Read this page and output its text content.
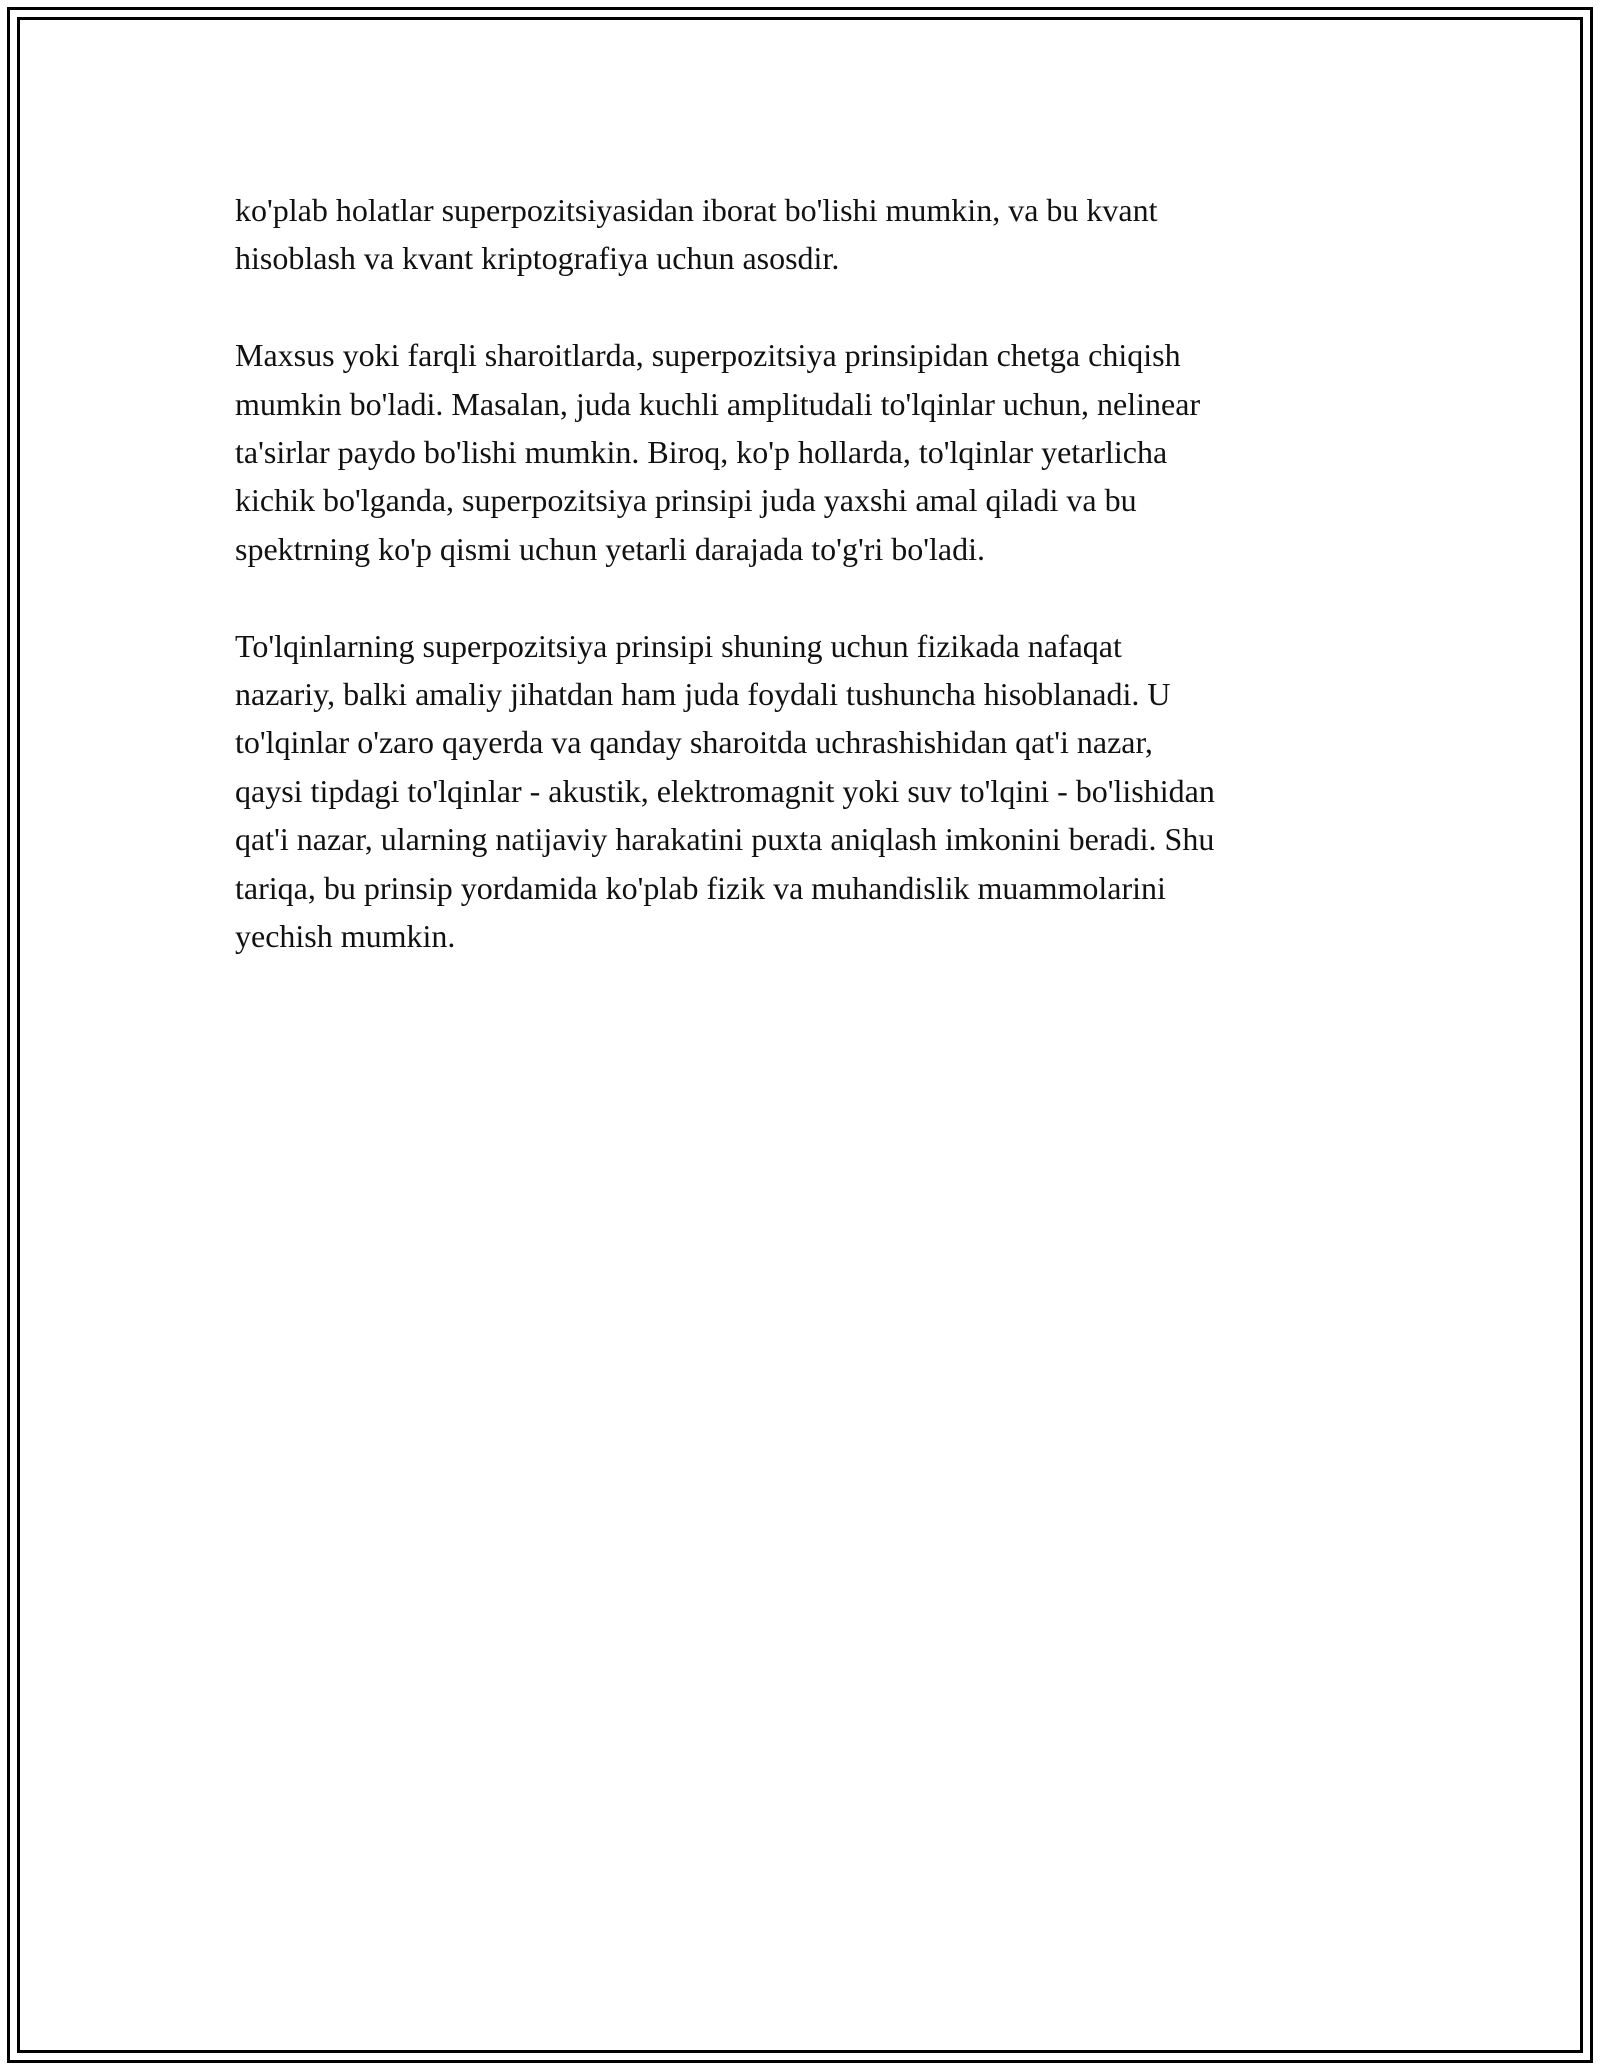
ko'plab holatlar superpozitsiyasidan iborat bo'lishi mumkin, va bu kvant
hisoblash va kvant kriptografiya uchun asosdir.

Maxsus yoki farqli sharoitlarda, superpozitsiya prinsipidan chetga chiqish
mumkin bo'ladi. Masalan, juda kuchli amplitudali to'lqinlar uchun, nelinear
ta'sirlar paydo bo'lishi mumkin. Biroq, ko'p hollarda, to'lqinlar yetarlicha
kichik bo'lganda, superpozitsiya prinsipi juda yaxshi amal qiladi va bu
spektrning ko'p qismi uchun yetarli darajada to'g'ri bo'ladi.

To'lqinlarning superpozitsiya prinsipi shuning uchun fizikada nafaqat
nazariy, balki amaliy jihatdan ham juda foydali tushuncha hisoblanadi. U
to'lqinlar o'zaro qayerda va qanday sharoitda uchrashishidan qat'i nazar,
qaysi tipdagi to'lqinlar - akustik, elektromagnit yoki suv to'lqini - bo'lishidan
qat'i nazar, ularning natijaviy harakatini puxta aniqlash imkonini beradi. Shu
tariqa, bu prinsip yordamida ko'plab fizik va muhandislik muammolarini
yechish mumkin.
